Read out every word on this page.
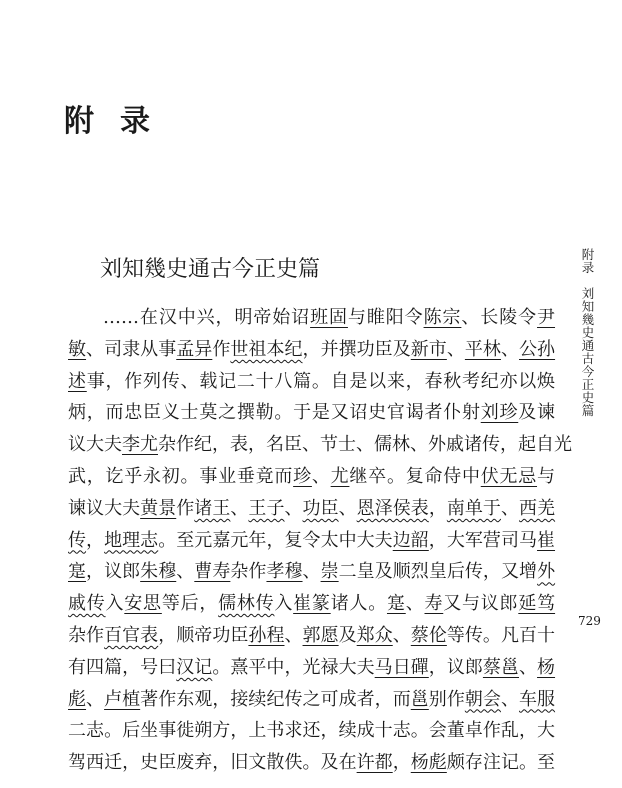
附录
刘知幾史通古今正史篇
……在汉中兴，明帝始诏班固与睢阳令陈宗、长陵令尹
敏、司隶从事孟异作世祖本纪，并撰功臣及新市、平林、公孙
述事，作列传、载记二十八篇。自是以来，春秋考纪亦以焕
炳，而忠臣义士莫之撰勒。于是又诏史官谒者仆射刘珍及谏
议大夫李尤杂作纪，表，名臣、节士、儒林、外戚诸传，起自光
武，讫乎永初。事业垂竟而珍、尤继卒。复命侍中伏无忌与
谏议大夫黄景作诸王、王子、功臣、恩泽侯表，南单于、西羌
传，地理志。至元嘉元年，复令太中大夫边韶，大军营司马崔
寔，议郎朱穆、曹寿杂作孝穆、崇二皇及顺烈皇后传，又增外
戚传入安思等后，儒林传入崔篆诸人。寔、寿又与议郎延笃
杂作百官表，顺帝功臣孙程、郭愿及郑众、蔡伦等传。凡百十
有四篇，号曰汉记。熹平中，光禄大夫马日磾，议郎蔡邕、杨
彪、卢植著作东观，接续纪传之可成者，而邕别作朝会、车服
二志。后坐事徙朔方，上书求还，续成十志。会董卓作乱，大
驾西迁，史臣废弃，旧文散佚。及在许都，杨彪颇存注记。至
附录
刘知幾史通古今正史篇
729
